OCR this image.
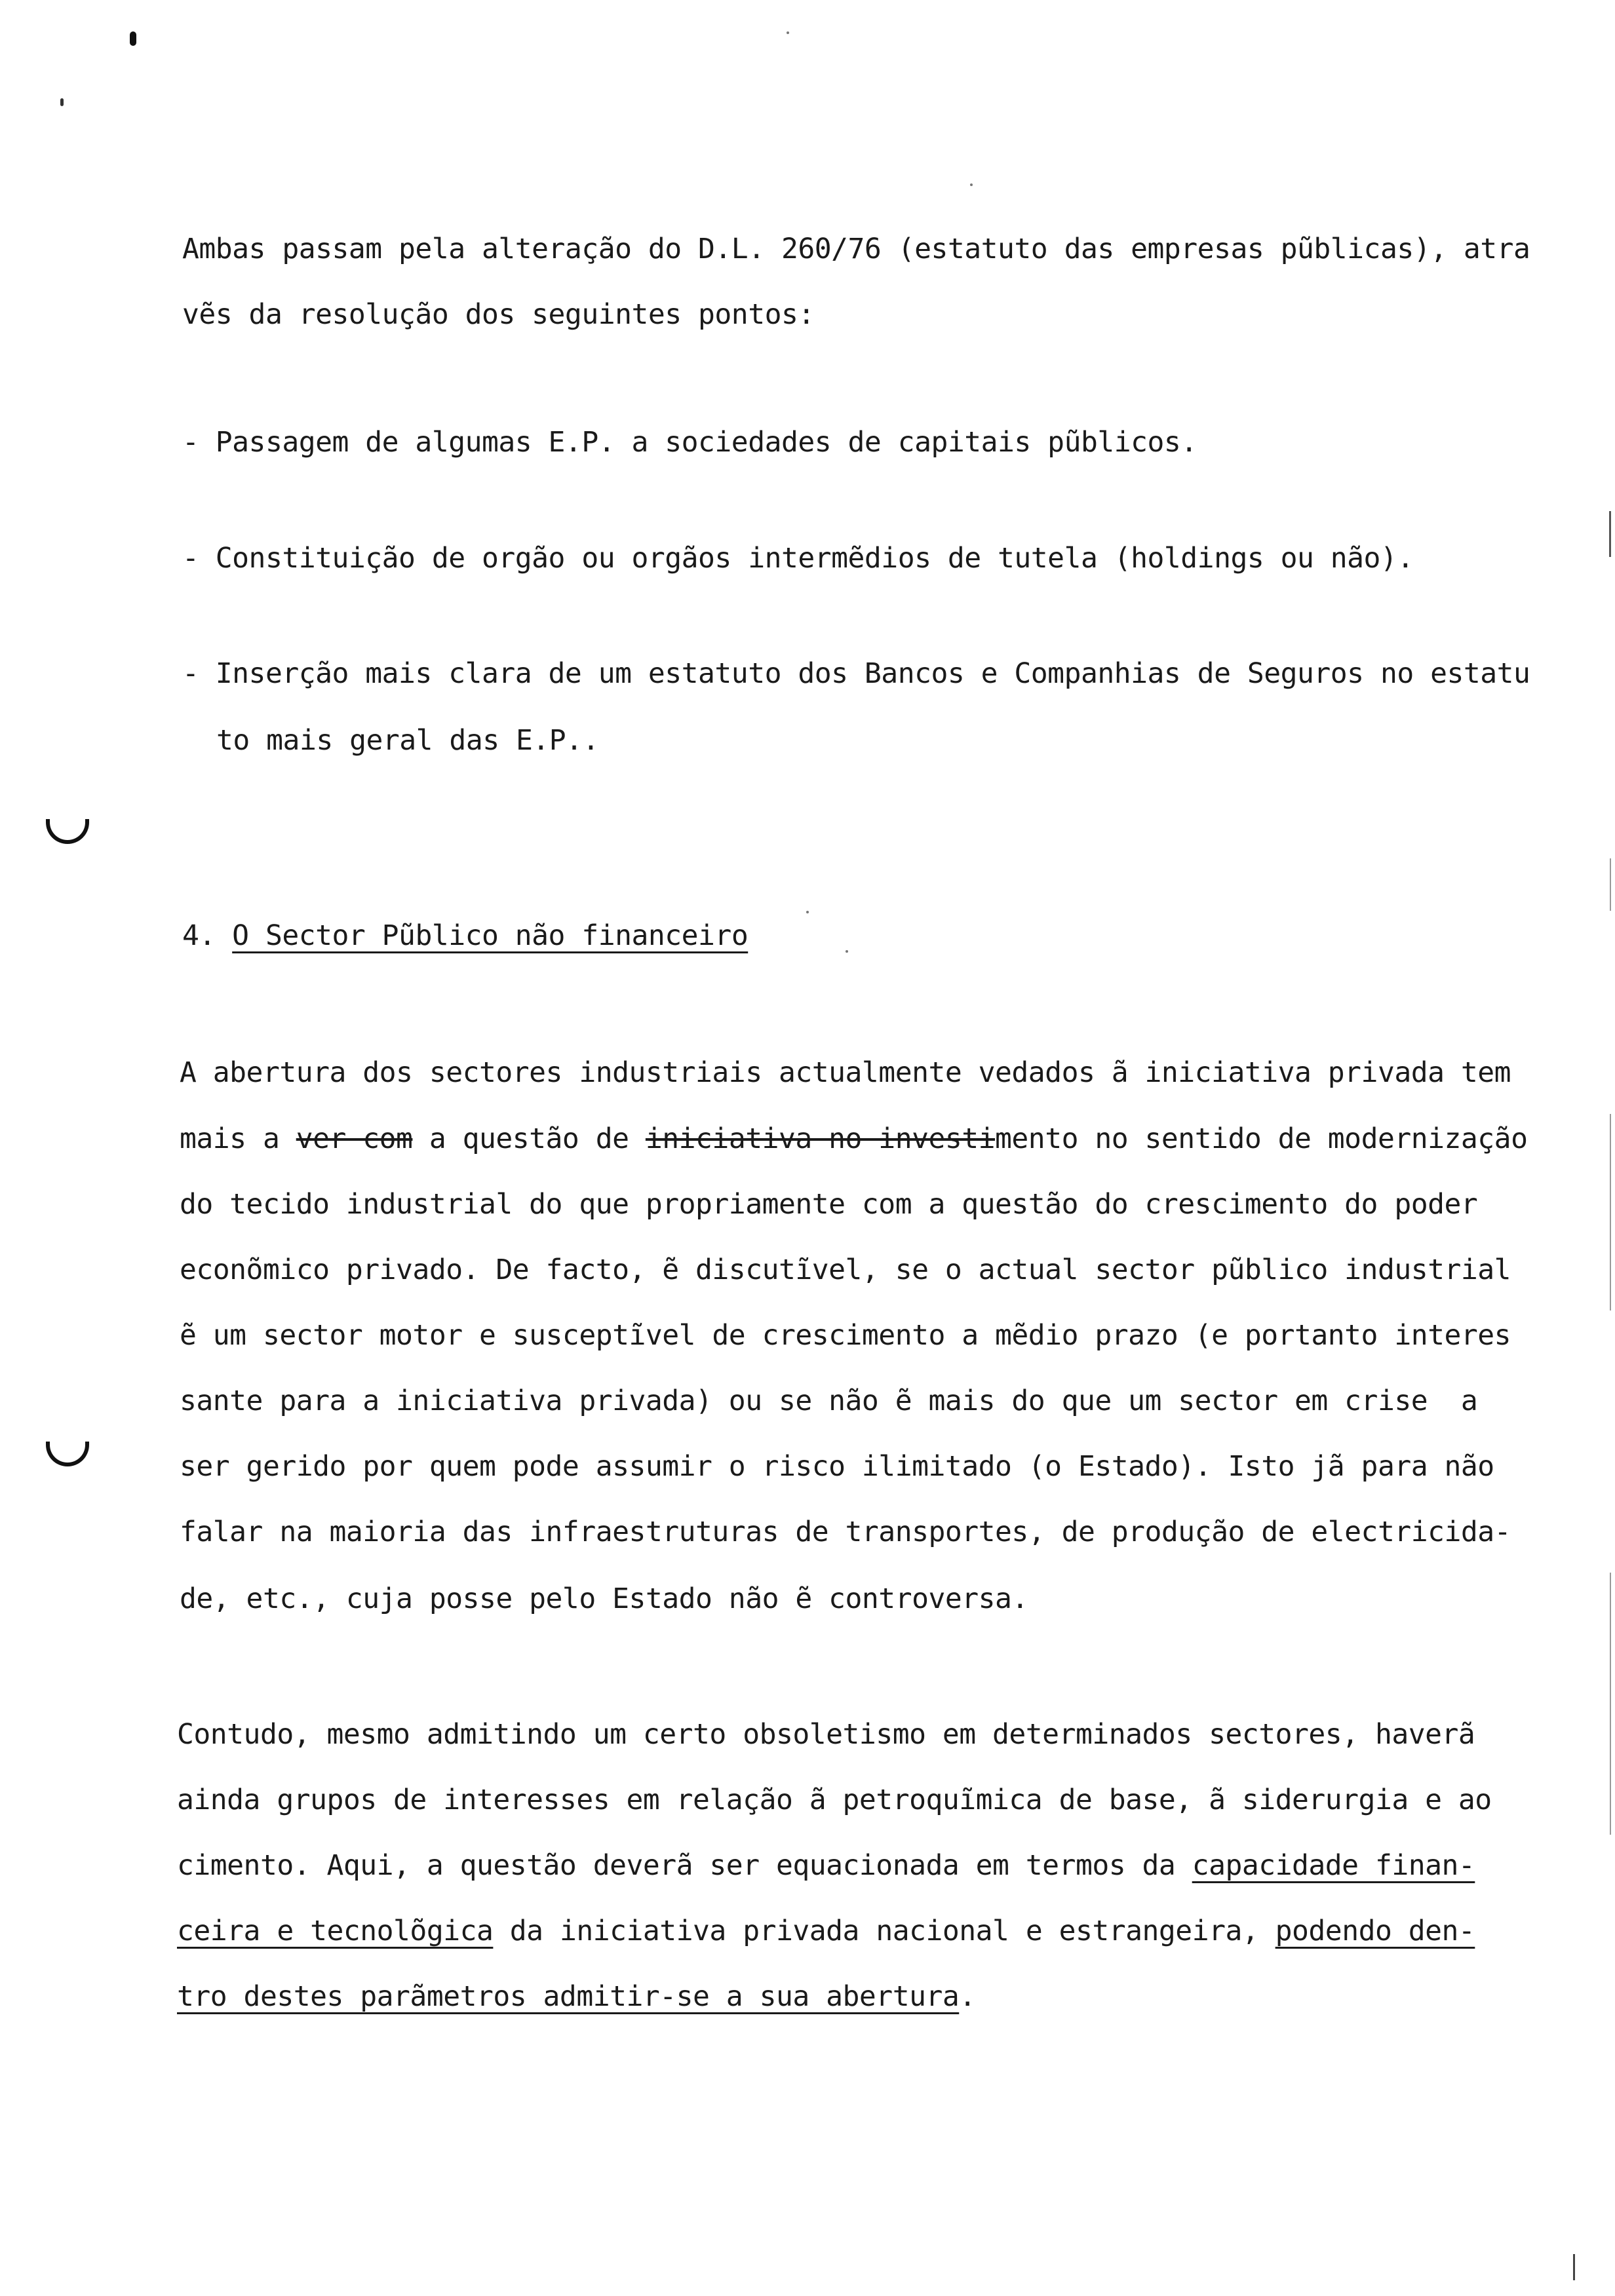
Ambas passam pela alteração do D.L. 260/76 (estatuto das empresas pũblicas), atra
vẽs da resolução dos seguintes pontos:
- Passagem de algumas E.P. a sociedades de capitais pũblicos.
- Constituição de orgão ou orgãos intermẽdios de tutela (holdings ou não).
- Inserção mais clara de um estatuto dos Bancos e Companhias de Seguros no estatu
to mais geral das E.P..
4. O Sector Pũblico não financeiro
A abertura dos sectores industriais actualmente vedados ã iniciativa privada tem
mais a ver com a questão de iniciativa no investimento no sentido de modernização
do tecido industrial do que propriamente com a questão do crescimento do poder
econõmico privado. De facto, ẽ discutĩvel, se o actual sector pũblico industrial
ẽ um sector motor e susceptĩvel de crescimento a mẽdio prazo (e portanto interes
sante para a iniciativa privada) ou se não ẽ mais do que um sector em crise  a
ser gerido por quem pode assumir o risco ilimitado (o Estado). Isto jã para não
falar na maioria das infraestruturas de transportes, de produção de electricida-
de, etc., cuja posse pelo Estado não ẽ controversa.
Contudo, mesmo admitindo um certo obsoletismo em determinados sectores, haverã
ainda grupos de interesses em relação ã petroquĩmica de base, ã siderurgia e ao
cimento. Aqui, a questão deverã ser equacionada em termos da capacidade finan-
ceira e tecnolõgica da iniciativa privada nacional e estrangeira, podendo den-
tro destes parãmetros admitir-se a sua abertura.
